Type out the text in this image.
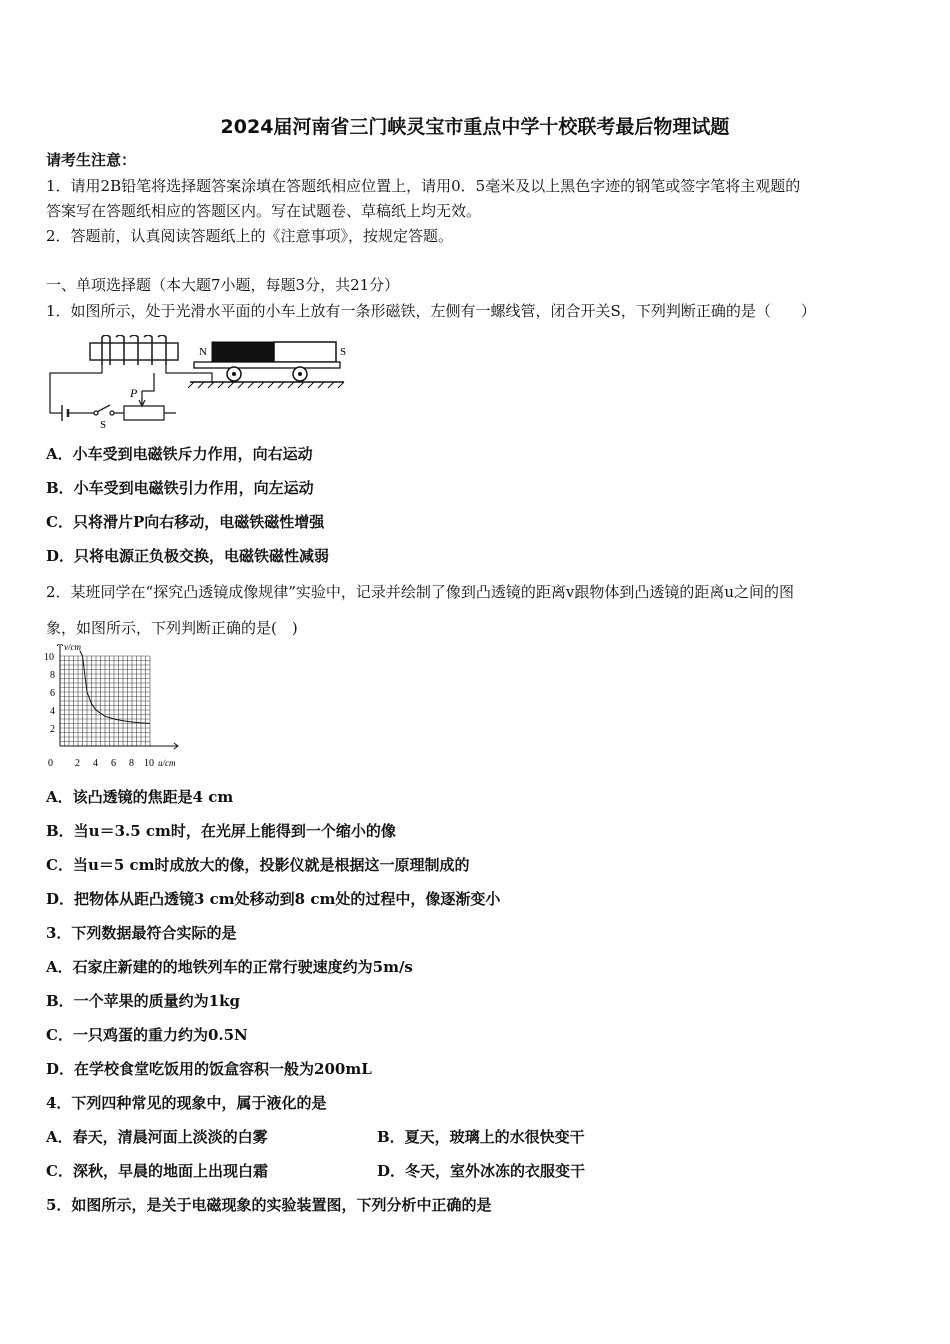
2024届河南省三门峡灵宝市重点中学十校联考最后物理试题
请考生注意：
1．请用2B铅笔将选择题答案涂填在答题纸相应位置上，请用0．5毫米及以上黑色字迹的钢笔或签字笔将主观题的
答案写在答题纸相应的答题区内。写在试题卷、草稿纸上均无效。
2．答题前，认真阅读答题纸上的《注意事项》，按规定答题。
一、单项选择题（本大题7小题，每题3分，共21分）
1．如图所示，处于光滑水平面的小车上放有一条形磁铁，左侧有一螺线管，闭合开关S，下列判断正确的是（　　）
S
P
N	S
A．小车受到电磁铁斥力作用，向右运动
B．小车受到电磁铁引力作用，向左运动
C．只将滑片P向右移动，电磁铁磁性增强
D．只将电源正负极交换，电磁铁磁性减弱
2．某班同学在“探究凸透镜成像规律”实验中，记录并绘制了像到凸透镜的距离v跟物体到凸透镜的距离u之间的图
象，如图所示，下列判断正确的是(　)
2 4 6 8 10
2
4
6
8
10
v/cm
u/cm
0
A．该凸透镜的焦距是4 cm
B．当u＝3.5 cm时，在光屏上能得到一个缩小的像
C．当u＝5 cm时成放大的像，投影仪就是根据这一原理制成的
D．把物体从距凸透镜3 cm处移动到8 cm处的过程中，像逐渐变小
3．下列数据最符合实际的是
A．石家庄新建的的地铁列车的正常行驶速度约为5m/s
B．一个苹果的质量约为1kg
C．一只鸡蛋的重力约为0.5N
D．在学校食堂吃饭用的饭盒容积一般为200mL
4．下列四种常见的现象中，属于液化的是
A．春天，清晨河面上淡淡的白雾	B．夏天，玻璃上的水很快变干
C．深秋，早晨的地面上出现白霜	D．冬天，室外冰冻的衣服变干
5．如图所示，是关于电磁现象的实验装置图，下列分析中正确的是
